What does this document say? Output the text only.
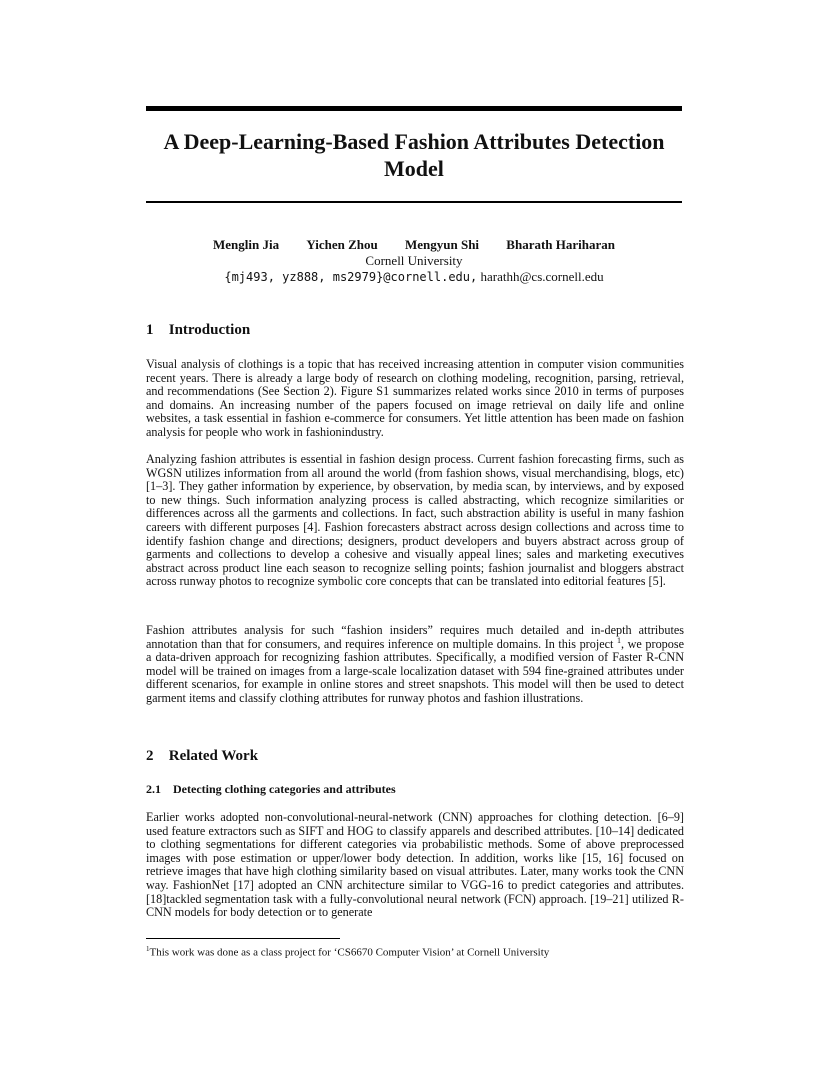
A Deep-Learning-Based Fashion Attributes Detection
Model
Menglin Jia Yichen Zhou Mengyun Shi Bharath Hariharan
Cornell University
{mj493, yz888, ms2979}@cornell.edu, harathh@cs.cornell.edu
1 Introduction
Visual analysis of clothings is a topic that has received increasing attention in computer vision communities recent years. There is already a large body of research on clothing modeling, recognition, parsing, retrieval, and recommendations (See Section 2). Figure S1 summarizes related works since 2010 in terms of purposes and domains. An increasing number of the papers focused on image retrieval on daily life and online websites, a task essential in fashion e-commerce for consumers. Yet little attention has been made on fashion analysis for people who work in fashionindustry.
Analyzing fashion attributes is essential in fashion design process. Current fashion forecasting firms, such as WGSN utilizes information from all around the world (from fashion shows, visual merchandising, blogs, etc) [1–3]. They gather information by experience, by observation, by media scan, by interviews, and by exposed to new things. Such information analyzing process is called abstracting, which recognize similarities or differences across all the garments and collections. In fact, such abstraction ability is useful in many fashion careers with different purposes [4]. Fashion forecasters abstract across design collections and across time to identify fashion change and directions; designers, product developers and buyers abstract across group of garments and collections to develop a cohesive and visually appeal lines; sales and marketing executives abstract across product line each season to recognize selling points; fashion journalist and bloggers abstract across runway photos to recognize symbolic core concepts that can be translated into editorial features [5].
Fashion attributes analysis for such “fashion insiders” requires much detailed and in-depth attributes annotation than that for consumers, and requires inference on multiple domains. In this project $^1$, we propose a data-driven approach for recognizing fashion attributes. Specifically, a modified version of Faster R-CNN model will be trained on images from a large-scale localization dataset with 594 fine-grained attributes under different scenarios, for example in online stores and street snapshots. This model will then be used to detect garment items and classify clothing attributes for runway photos and fashion illustrations.
2 Related Work
2.1 Detecting clothing categories and attributes
Earlier works adopted non-convolutional-neural-network (CNN) approaches for clothing detection. [6–9] used feature extractors such as SIFT and HOG to classify apparels and described attributes. [10–14] dedicated to clothing segmentations for different categories via probabilistic methods. Some of above preprocessed images with pose estimation or upper/lower body detection. In addition, works like [15, 16] focused on retrieve images that have high clothing similarity based on visual attributes. Later, many works took the CNN way. FashionNet [17] adopted an CNN architecture similar to VGG-16 to predict categories and attributes. [18]tackled segmentation task with a fully-convolutional neural network (FCN) approach. [19–21] utilized R-CNN models for body detection or to generate
$^1$This work was done as a class project for ‘CS6670 Computer Vision’ at Cornell University
